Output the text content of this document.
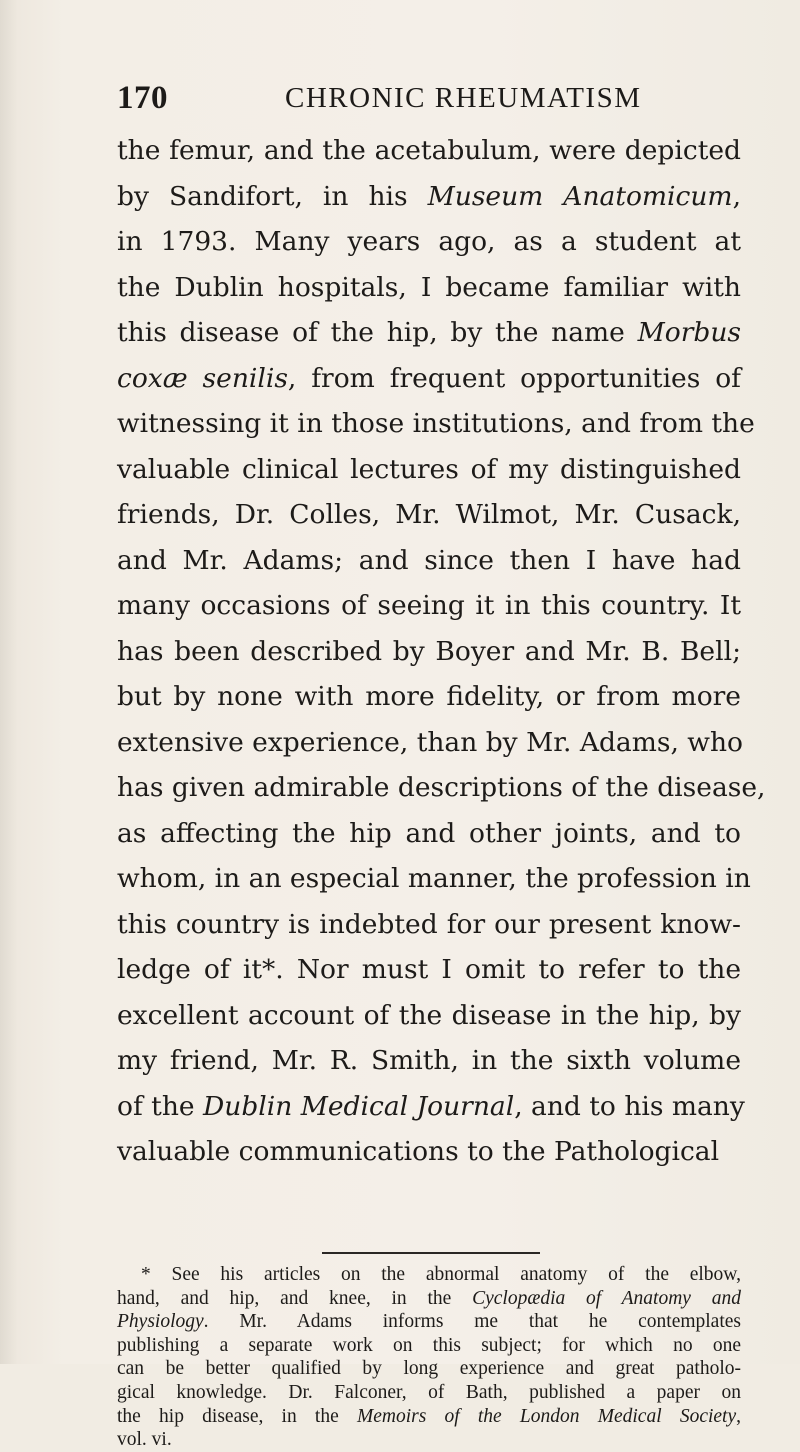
170	CHRONIC RHEUMATISM
the femur, and the acetabulum, were depicted
by Sandifort, in his Museum Anatomicum,
in 1793. Many years ago, as a student at
the Dublin hospitals, I became familiar with
this disease of the hip, by the name Morbus
coxæ senilis, from frequent opportunities of
witnessing it in those institutions, and from the
valuable clinical lectures of my distinguished
friends, Dr. Colles, Mr. Wilmot, Mr. Cusack,
and Mr. Adams; and since then I have had
many occasions of seeing it in this country. It
has been described by Boyer and Mr. B. Bell;
but by none with more fidelity, or from more
extensive experience, than by Mr. Adams, who
has given admirable descriptions of the disease,
as affecting the hip and other joints, and to
whom, in an especial manner, the profession in
this country is indebted for our present know-
ledge of it*. Nor must I omit to refer to the
excellent account of the disease in the hip, by
my friend, Mr. R. Smith, in the sixth volume
of the Dublin Medical Journal, and to his many
valuable communications to the Pathological
* See his articles on the abnormal anatomy of the elbow,
hand, and hip, and knee, in the Cyclopædia of Anatomy and
Physiology. Mr. Adams informs me that he contemplates
publishing a separate work on this subject; for which no one
can be better qualified by long experience and great patholo-
gical knowledge. Dr. Falconer, of Bath, published a paper on
the hip disease, in the Memoirs of the London Medical Society,
vol. vi.
